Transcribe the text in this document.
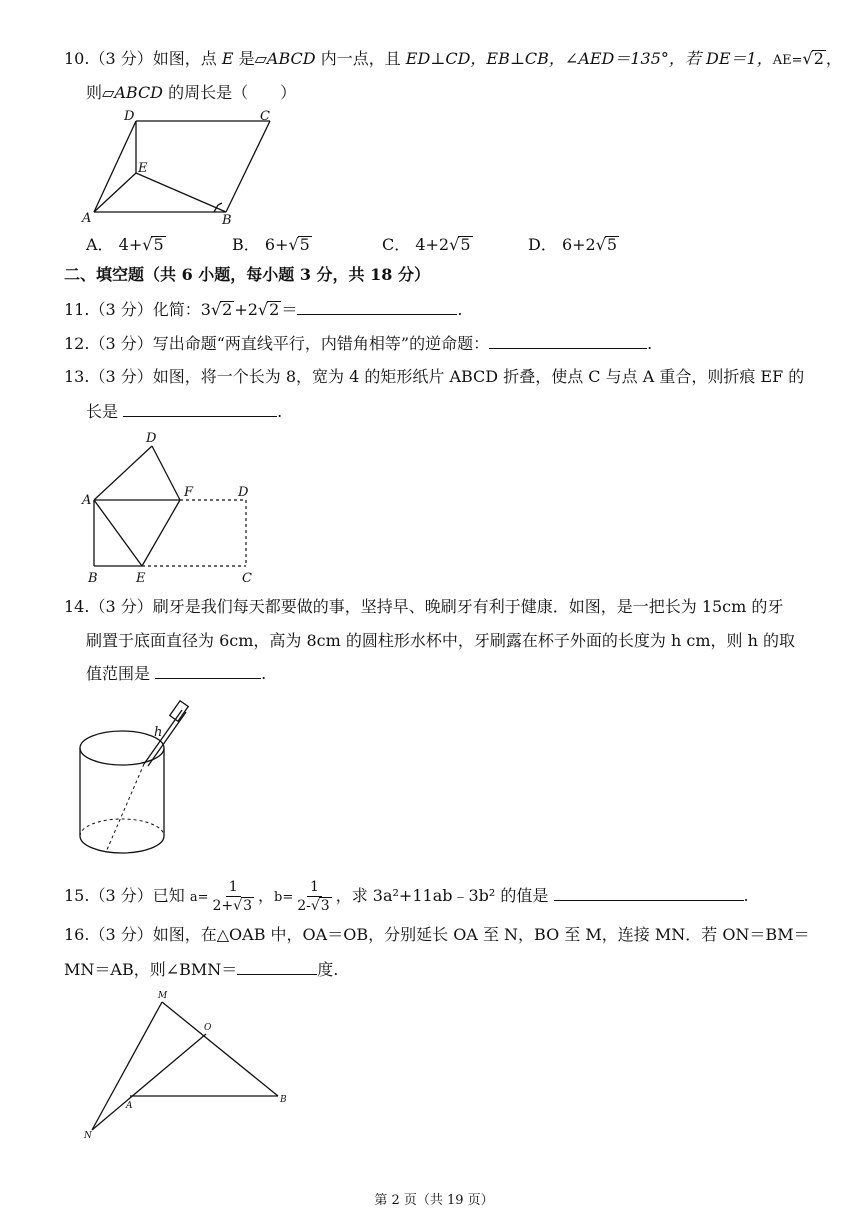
10.（3 分）如图，点 E 是▱ABCD 内一点，且 ED⊥CD，EB⊥CB，∠AED＝135°，若 DE＝1，AE=√2 ，
则▱ABCD 的周长是（　　）
D	C
E
A	B
A． 4+√5	B． 6+√5	C． 4+2√5	D． 6+2√5
二、填空题（共 6 小题，每小题 3 分，共 18 分）
11.（3 分）化简：3√2 +2√2 ＝	.
12.（3 分）写出命题“两直线平行，内错角相等”的逆命题：	.
13.（3 分）如图，将一个长为 8，宽为 4 的矩形纸片 ABCD 折叠，使点 C 与点 A 重合，则折痕 EF 的
长是	.
D
A
F	D
B	E	C
14.（3 分）刷牙是我们每天都要做的事，坚持早、晚刷牙有利于健康．如图，是一把长为 15cm 的牙
刷置于底面直径为 6cm，高为 8cm 的圆柱形水杯中，牙刷露在杯子外面的长度为 h cm，则 h 的取
值范围是	.
h
15.（3 分）已知 $a= \frac{1}{2+√3}$ ，$b= \frac{1}{2-√3}$ ，求 3a²+11ab﹣3b² 的值是	.
16.（3 分）如图，在△OAB 中，OA＝OB，分别延长 OA 至 N，BO 至 M，连接 MN．若 ON＝BM＝
MN＝AB，则∠BMN＝	度.
M
O
A
B
N
第 2 页（共 19 页）
